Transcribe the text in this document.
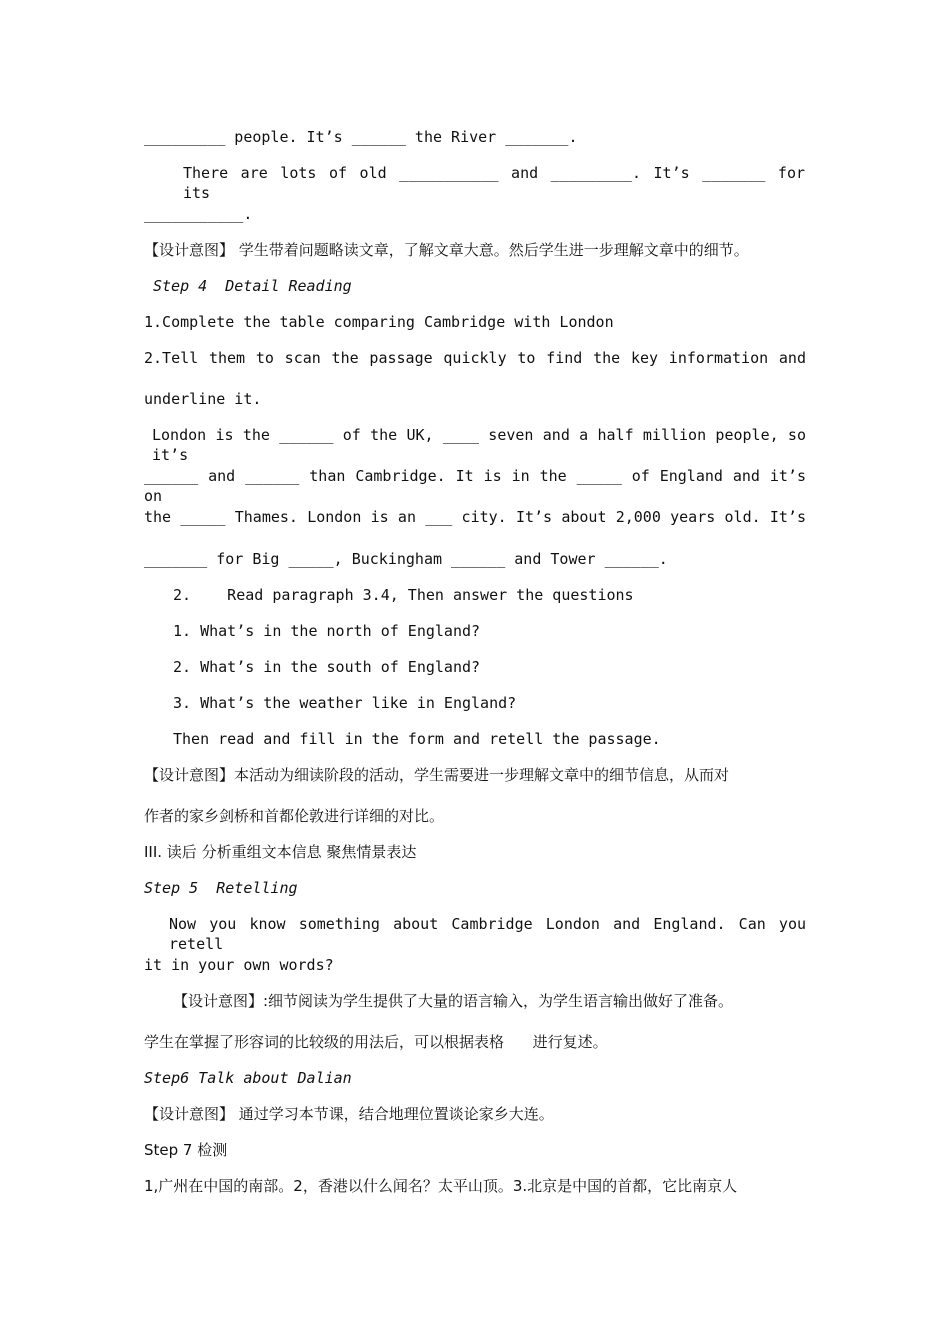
_________ people. It’s ______ the River _______.
There are lots of old ___________ and _________. It’s _______ for its
___________.
【设计意图】 学生带着问题略读文章，了解文章大意。然后学生进一步理解文章中的细节。
Step 4  Detail Reading
1.Complete the table comparing Cambridge with London
2.Tell them to scan the passage quickly to find the key information and
underline it.
London is the ______ of the UK, ____ seven and a half million people, so it’s
______ and ______ than Cambridge. It is in the _____ of England and it’s on
the _____ Thames. London is an ___ city. It’s about 2,000 years old. It’s
_______ for Big _____, Buckingham ______ and Tower ______.
2.    Read paragraph 3.4, Then answer the questions
1. What’s in the north of England?
2. What’s in the south of England?
3. What’s the weather like in England?
Then read and fill in the form and retell the passage.
【设计意图】本活动为细读阶段的活动，学生需要进一步理解文章中的细节信息，从而对
作者的家乡剑桥和首都伦敦进行详细的对比。
III. 读后 分析重组文本信息 聚焦情景表达
Step 5  Retelling
Now you know something about Cambridge London and England. Can you retell
it in your own words?
【设计意图】:细节阅读为学生提供了大量的语言输入，为学生语言输出做好了准备。
学生在掌握了形容词的比较级的用法后，可以根据表格      进行复述。
Step6 Talk about Dalian
【设计意图】 通过学习本节课，结合地理位置谈论家乡大连。
Step 7 检测
1,广州在中国的南部。2，香港以什么闻名？太平山顶。3.北京是中国的首都，它比南京人
